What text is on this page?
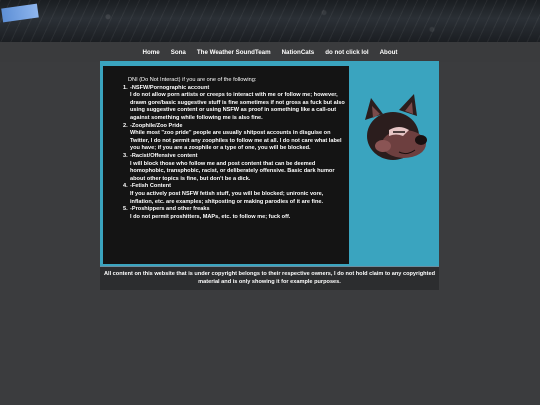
Home	Sona	The Weather SoundTeam	NationCats	do not click lol	About
DNI (Do Not Interact) if you are one of the following:
1. -NSFW/Pornographic account
I do not allow porn artists or creeps to interact with me or follow me; however, drawn gore/basic suggestive stuff is fine sometimes if not gross as fuck but also using suggestive content or using NSFW as proof in something like a call-out against something while following me is also fine.
2. -Zoophile/Zoo Pride
While most "zoo pride" people are usually shitpost accounts in disguise on Twitter, I do not permit any zoophiles to follow me at all. I do not care what label you have; if you are a zoophile or a type of one, you will be blocked.
3. -Racist/Offensive content
I will block those who follow me and post content that can be deemed homophobic, transphobic, racist, or deliberately offensive. Basic dark humor about other topics is fine, but don't be a dick.
4. -Fetish Content
If you actively post NSFW fetish stuff, you will be blocked; unironic vore, inflation, etc. are examples; shitposting or making parodies of it are fine.
5. -Proshippers and other freaks
I do not permit proshitters, MAPs, etc. to follow me; fuck off.
All content on this website that is under copyright belongs to their respective owners, I do not hold claim to any copyrighted material and is only showing it for example purposes.
